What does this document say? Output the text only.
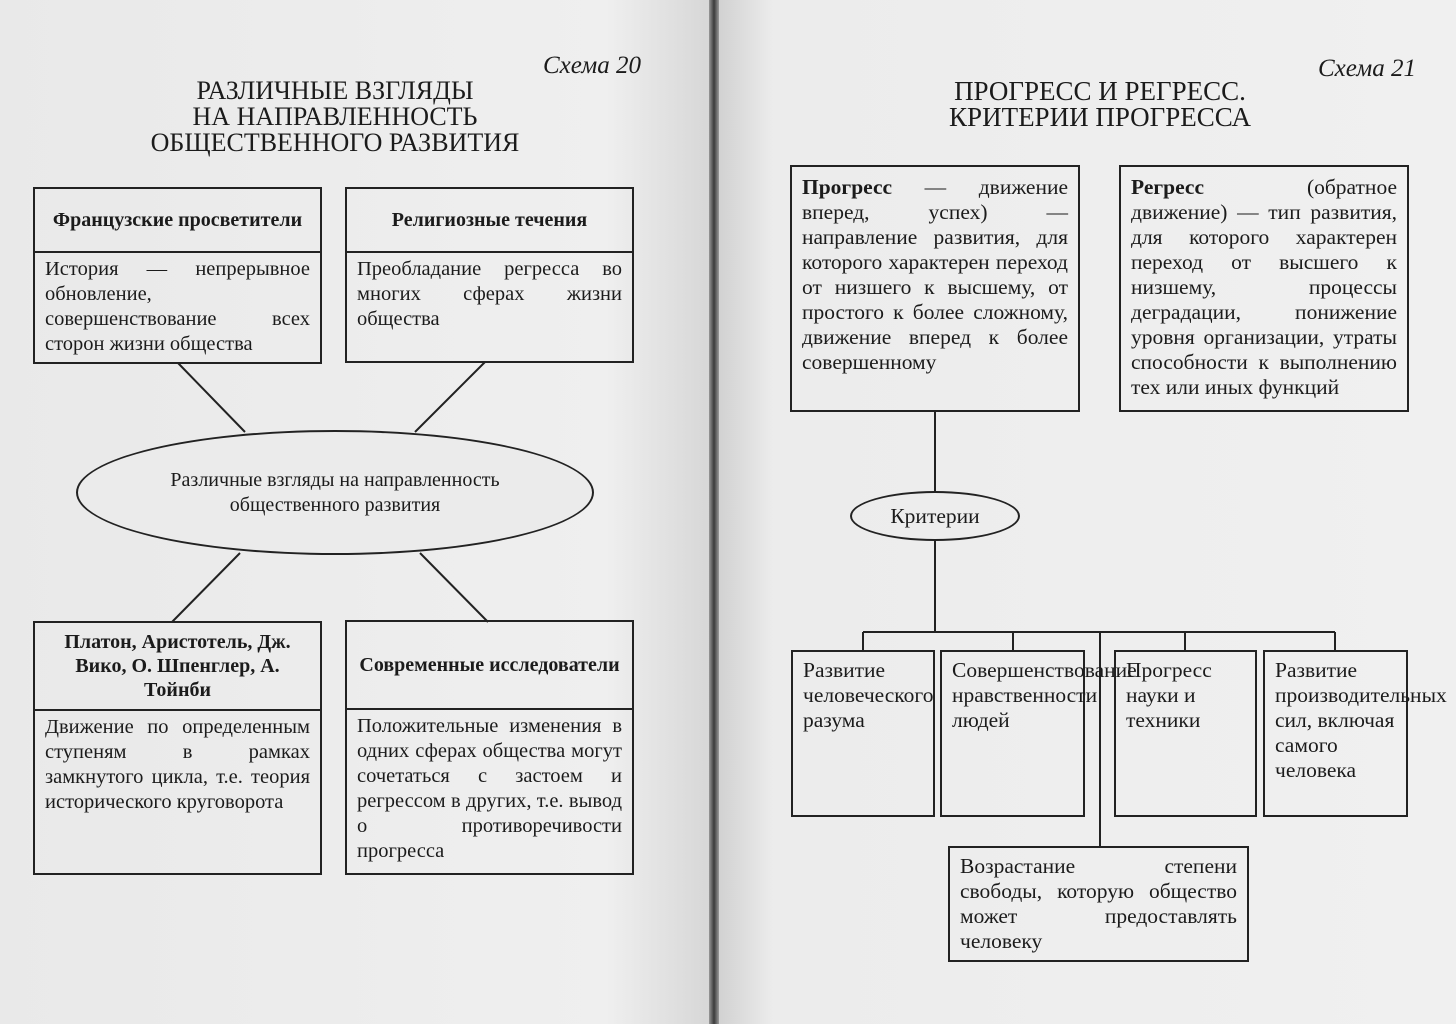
Схема 20
РАЗЛИЧНЫЕ ВЗГЛЯДЫ
НА НАПРАВЛЕННОСТЬ
ОБЩЕСТВЕННОГО РАЗВИТИЯ
Французские просветители
История — непрерывное обновление, совершенствование всех сторон жизни общества
Религиозные течения
Преобладание регресса во многих сферах жизни общества
Различные взгляды на направленность общественного развития
Платон, Аристотель, Дж. Вико, О. Шпенглер, А. Тойнби
Движение по определенным ступеням в рамках замкнутого цикла, т.е. теория исторического круговорота
Современные исследователи
Положительные изменения в одних сферах общества могут сочетаться с застоем и регрессом в других, т.е. вывод о противоречивости прогресса
Схема 21
ПРОГРЕСС И РЕГРЕСС.
КРИТЕРИИ ПРОГРЕССА
Прогресс — движение вперед, успех) — направление развития, для которого характерен переход от низшего к высшему, от простого к более сложному, движение вперед к более совершенному
Регресс (обратное движение) — тип развития, для которого характерен переход от высшего к низшему, процессы деградации, понижение уровня организации, утраты способности к выполнению тех или иных функций
Критерии
Развитие человеческого разума
Совершенствование нравственности людей
Прогресс науки и техники
Развитие производительных сил, включая самого человека
Возрастание степени свободы, которую общество может предоставлять человеку
